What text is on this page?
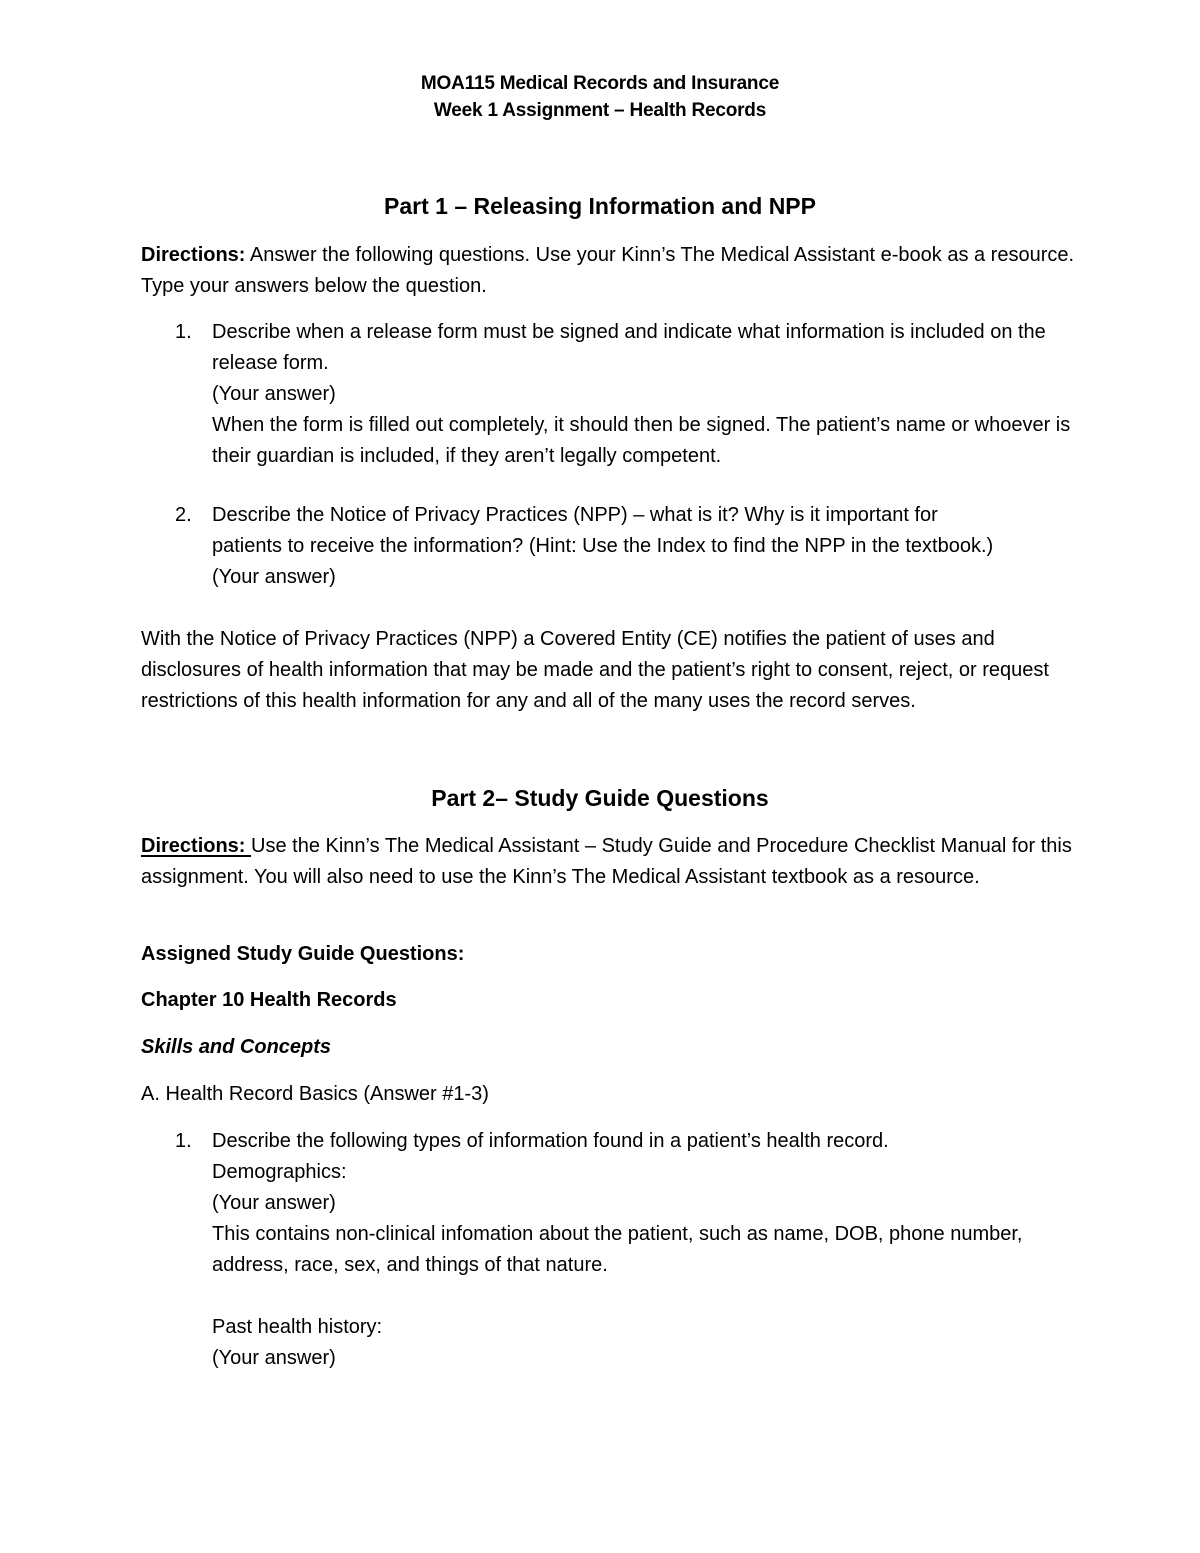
MOA115 Medical Records and Insurance
Week 1 Assignment – Health Records
Part 1 – Releasing Information and NPP
Directions: Answer the following questions. Use your Kinn’s The Medical Assistant e-book as a resource. Type your answers below the question.
1. Describe when a release form must be signed and indicate what information is included on the release form.
(Your answer)
When the form is filled out completely, it should then be signed. The patient’s name or whoever is their guardian is included, if they aren’t legally competent.
2. Describe the Notice of Privacy Practices (NPP) – what is it? Why is it important for patients to receive the information? (Hint: Use the Index to find the NPP in the textbook.)
(Your answer)
With the Notice of Privacy Practices (NPP) a Covered Entity (CE) notifies the patient of uses and disclosures of health information that may be made and the patient’s right to consent, reject, or request restrictions of this health information for any and all of the many uses the record serves.
Part 2– Study Guide Questions
Directions: Use the Kinn’s The Medical Assistant – Study Guide and Procedure Checklist Manual for this assignment. You will also need to use the Kinn’s The Medical Assistant textbook as a resource.
Assigned Study Guide Questions:
Chapter 10 Health Records
Skills and Concepts
A. Health Record Basics (Answer #1-3)
1. Describe the following types of information found in a patient’s health record.
Demographics:
(Your answer)
This contains non-clinical infomation about the patient, such as name, DOB, phone number, address, race, sex, and things of that nature.
Past health history:
(Your answer)
